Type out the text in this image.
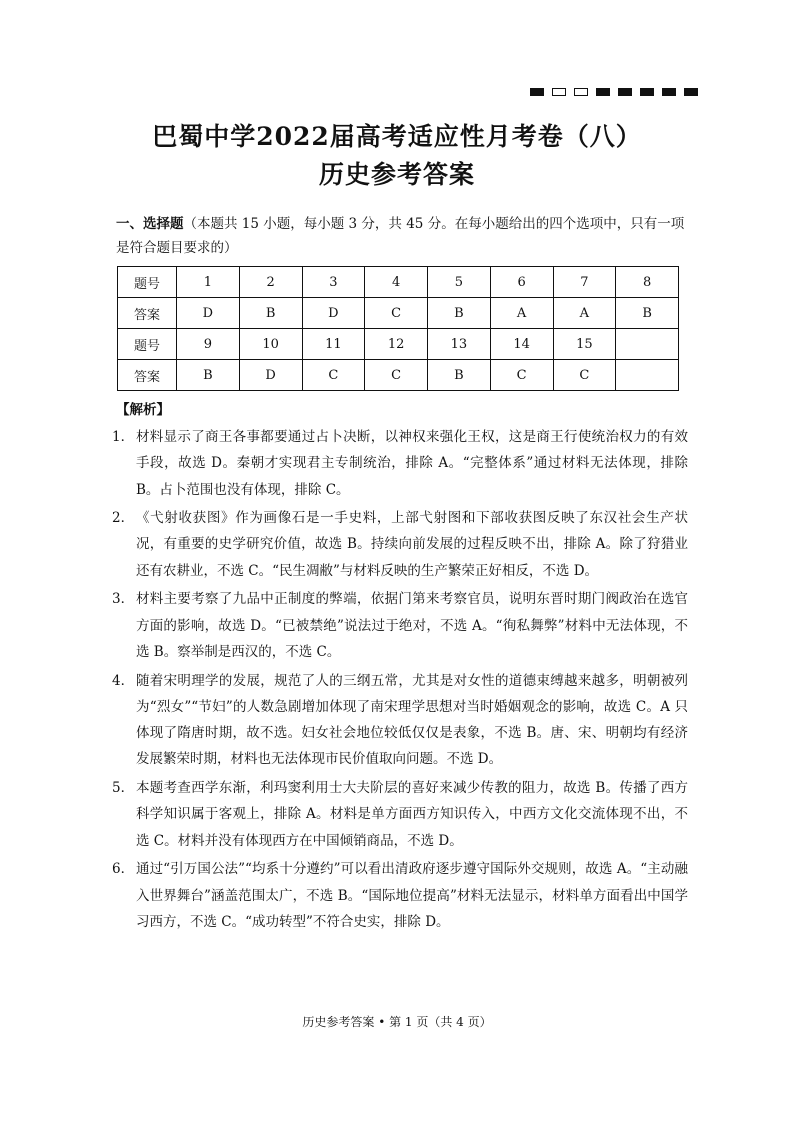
巴蜀中学2022届高考适应性月考卷（八）
历史参考答案
一、选择题（本题共 15 小题，每小题 3 分，共 45 分。在每小题给出的四个选项中，只有一项是符合题目要求的）
题号	1	2	3	4	5	6	7	8
答案	D	B	D	C	B	A	A	B
题号	9	10	11	12	13	14	15	
答案	B	D	C	C	B	C	C	
【解析】
1． 材料显示了商王各事都要通过占卜决断，以神权来强化王权，这是商王行使统治权力的有效手段，故选 D。秦朝才实现君主专制统治，排除 A。“完整体系”通过材料无法体现，排除 B。占卜范围也没有体现，排除 C。
2． 《弋射收获图》作为画像石是一手史料，上部弋射图和下部收获图反映了东汉社会生产状况，有重要的史学研究价值，故选 B。持续向前发展的过程反映不出，排除 A。除了狩猎业还有农耕业，不选 C。“民生凋敝”与材料反映的生产繁荣正好相反，不选 D。
3． 材料主要考察了九品中正制度的弊端，依据门第来考察官员，说明东晋时期门阀政治在选官方面的影响，故选 D。“已被禁绝”说法过于绝对，不选 A。“徇私舞弊”材料中无法体现，不选 B。察举制是西汉的，不选 C。
4． 随着宋明理学的发展，规范了人的三纲五常，尤其是对女性的道德束缚越来越多，明朝被列为“烈女”“节妇”的人数急剧增加体现了南宋理学思想对当时婚姻观念的影响，故选 C。A 只体现了隋唐时期，故不选。妇女社会地位较低仅仅是表象，不选 B。唐、宋、明朝均有经济发展繁荣时期，材料也无法体现市民价值取向问题。不选 D。
5． 本题考查西学东渐，利玛窦利用士大夫阶层的喜好来减少传教的阻力，故选 B。传播了西方科学知识属于客观上，排除 A。材料是单方面西方知识传入，中西方文化交流体现不出，不选 C。材料并没有体现西方在中国倾销商品，不选 D。
6． 通过“引万国公法”“均系十分遵约”可以看出清政府逐步遵守国际外交规则，故选 A。“主动融入世界舞台”涵盖范围太广，不选 B。“国际地位提高”材料无法显示，材料单方面看出中国学习西方，不选 C。“成功转型”不符合史实，排除 D。
历史参考答案 • 第 1 页（共 4 页）
